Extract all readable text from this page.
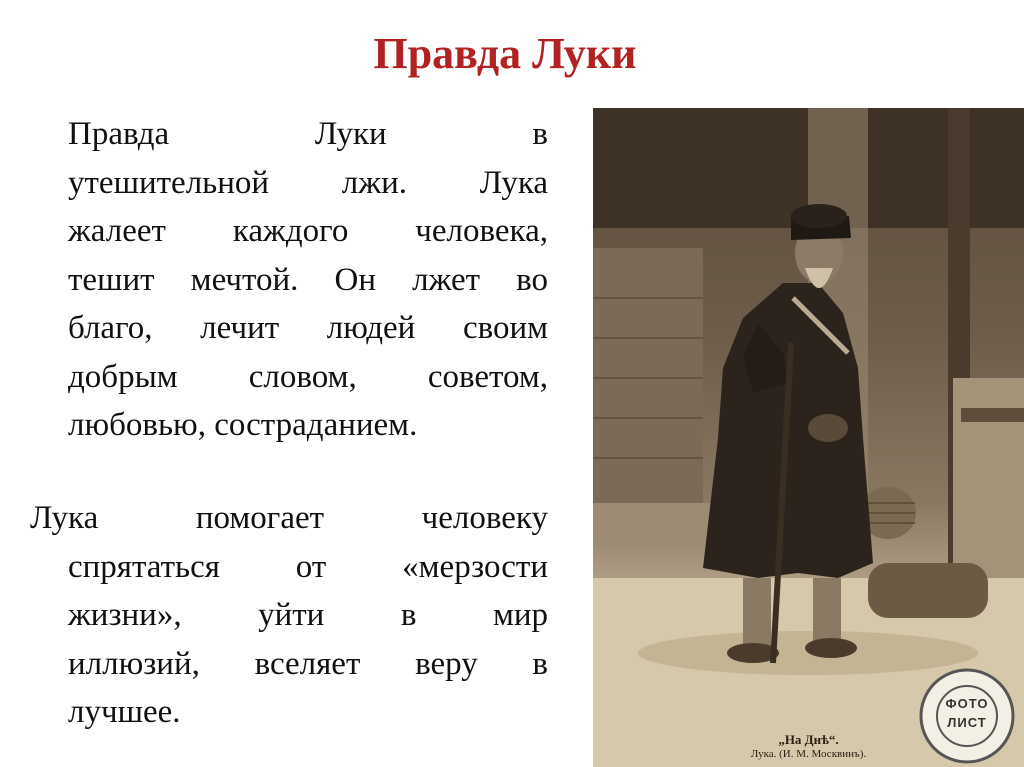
Правда Луки
Правда Луки в
утешительной лжи. Лука
жалеет каждого человека,
тешит мечтой. Он лжет во
благо, лечит людей своим
добрым словом, советом,
любовью, состраданием.
Лука помогает человеку
спрятаться от «мерзости
жизни», уйти в мир
иллюзий, вселяет веру в
лучшее.	ФОТО
ЛИСТ
„На Днѣ“.
Лука. (И. М. Москвинъ).
